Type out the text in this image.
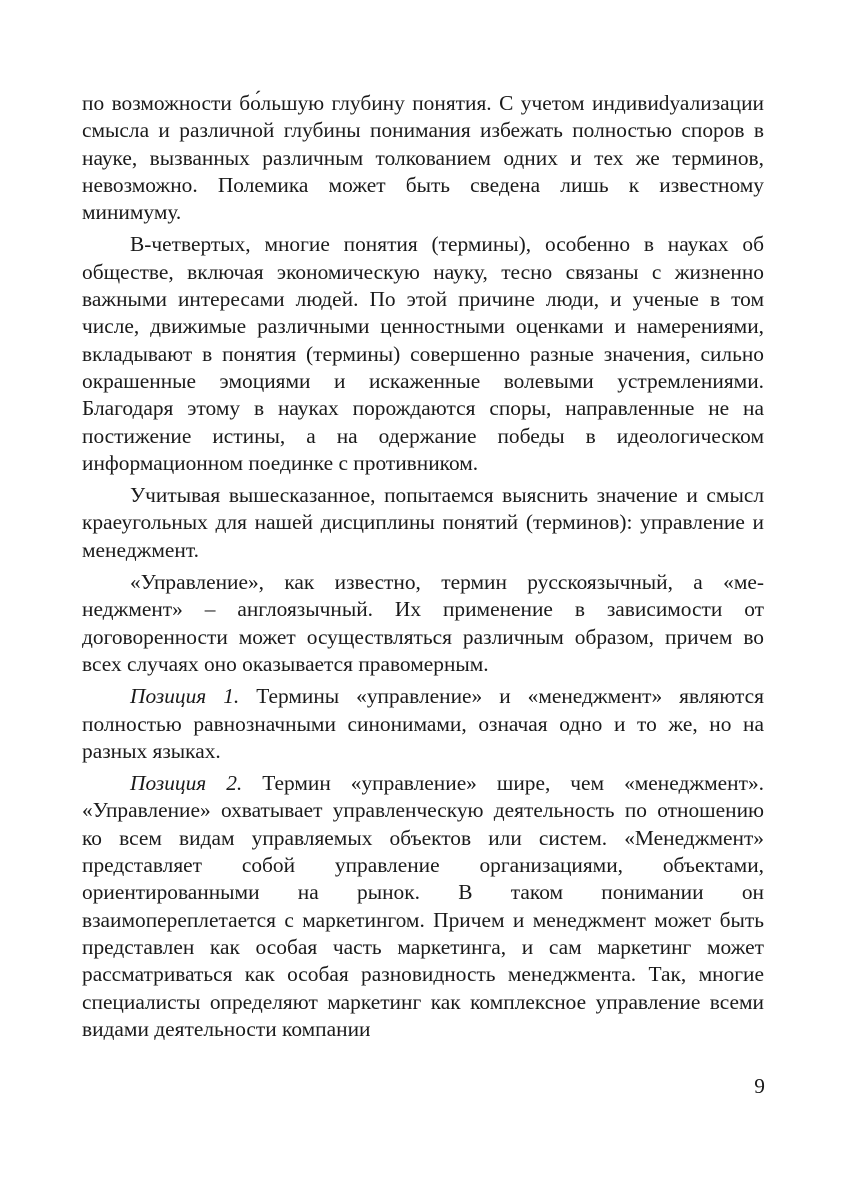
по возможности бо́льшую глубину понятия. С учетом индивиdуализации смысла и различной глубины понимания избежать полностью споров в науке, вызванных различным толкованием одних и тех же терминов, невозможно. Полемика может быть сведена лишь к известному минимуму.

В-четвертых, многие понятия (термины), особенно в науках об обществе, включая экономическую науку, тесно связаны с жизненно важными интересами людей. По этой причине люди, и ученые в том числе, движимые различными ценностными оценками и намерениями, вкладывают в понятия (термины) совершенно разные значения, сильно окрашенные эмоциями и искаженные волевыми устремлениями. Благодаря этому в науках порождаются споры, направленные не на постижение истины, а на одержание победы в идеологическом информационном поединке с противником.

Учитывая вышесказанное, попытаемся выяснить значение и смысл краеугольных для нашей дисциплины понятий (терминов): управление и менеджмент.

«Управление», как известно, термин русскоязычный, а «менеджмент» – англоязычный. Их применение в зависимости от договоренности может осуществляться различным образом, причем во всех случаях оно оказывается правомерным.

Позиция 1. Термины «управление» и «менеджмент» являются полностью равнозначными синонимами, означая одно и то же, но на разных языках.

Позиция 2. Термин «управление» шире, чем «менеджмент». «Управление» охватывает управленческую деятельность по отношению ко всем видам управляемых объектов или систем. «Менеджмент» представляет собой управление организациями, объектами, ориентированными на рынок. В таком понимании он взаимопереплетается с маркетингом. Причем и менеджмент может быть представлен как особая часть маркетинга, и сам маркетинг может рассматриваться как особая разновидность менеджмента. Так, многие специалисты определяют маркетинг как комплексное управление всеми видами деятельности компании

9
